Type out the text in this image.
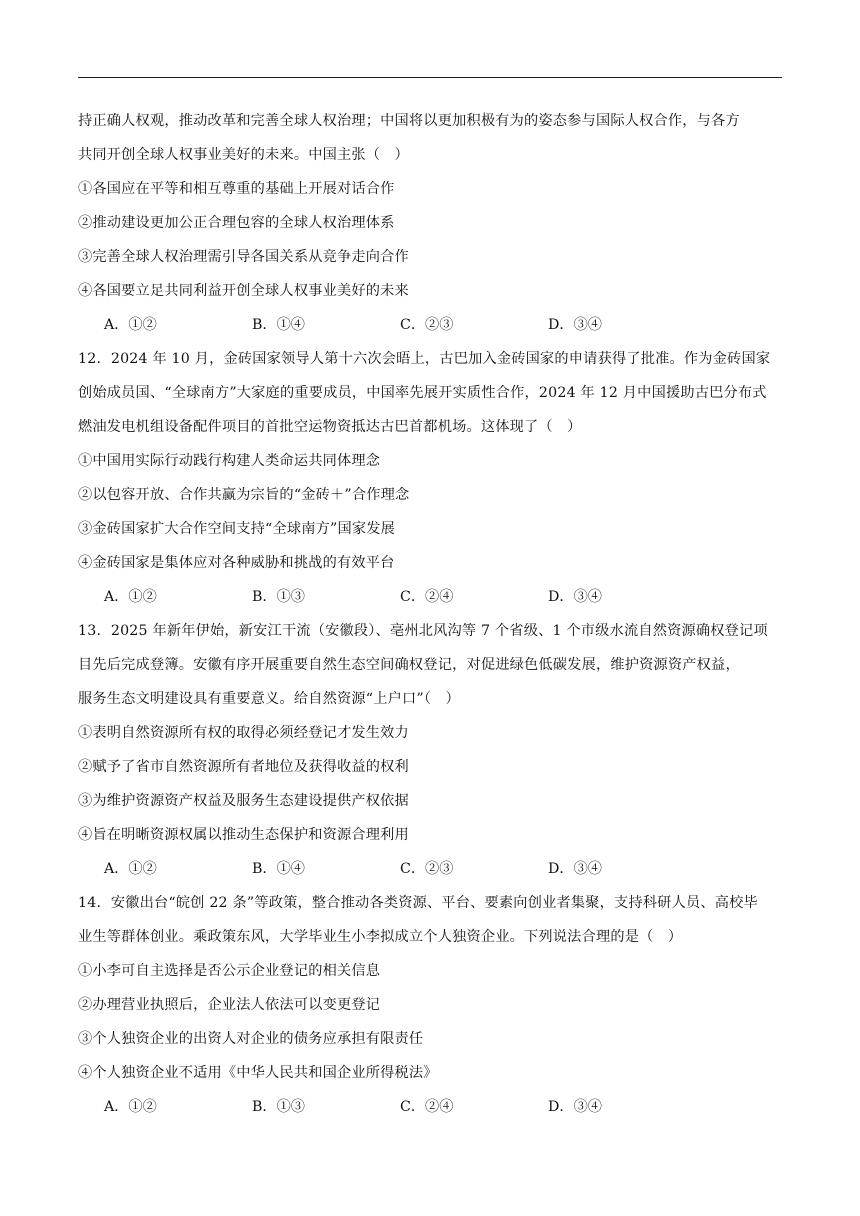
持正确人权观，推动改革和完善全球人权治理；中国将以更加积极有为的姿态参与国际人权合作，与各方
共同开创全球人权事业美好的未来。中国主张（　）
①各国应在平等和相互尊重的基础上开展对话合作
②推动建设更加公正合理包容的全球人权治理体系
③完善全球人权治理需引导各国关系从竞争走向合作
④各国要立足共同利益开创全球人权事业美好的未来
A．①②	B．①④	C．②③	D．③④
12．2024 年 10 月，金砖国家领导人第十六次会晤上，古巴加入金砖国家的申请获得了批准。作为金砖国家
创始成员国、“全球南方”大家庭的重要成员，中国率先展开实质性合作，2024 年 12 月中国援助古巴分布式
燃油发电机组设备配件项目的首批空运物资抵达古巴首都机场。这体现了（　）
①中国用实际行动践行构建人类命运共同体理念
②以包容开放、合作共赢为宗旨的“金砖＋”合作理念
③金砖国家扩大合作空间支持“全球南方”国家发展
④金砖国家是集体应对各种威胁和挑战的有效平台
A．①②	B．①③	C．②④	D．③④
13．2025 年新年伊始，新安江干流（安徽段）、亳州北风沟等 7 个省级、1 个市级水流自然资源确权登记项
目先后完成登簿。安徽有序开展重要自然生态空间确权登记，对促进绿色低碳发展，维护资源资产权益，
服务生态文明建设具有重要意义。给自然资源“上户口”（　）
①表明自然资源所有权的取得必须经登记才发生效力
②赋予了省市自然资源所有者地位及获得收益的权利
③为维护资源资产权益及服务生态建设提供产权依据
④旨在明晰资源权属以推动生态保护和资源合理利用
A．①②	B．①④	C．②③	D．③④
14．安徽出台“皖创 22 条”等政策，整合推动各类资源、平台、要素向创业者集聚，支持科研人员、高校毕
业生等群体创业。乘政策东风，大学毕业生小李拟成立个人独资企业。下列说法合理的是（　）
①小李可自主选择是否公示企业登记的相关信息
②办理营业执照后，企业法人依法可以变更登记
③个人独资企业的出资人对企业的债务应承担有限责任
④个人独资企业不适用《中华人民共和国企业所得税法》
A．①②	B．①③	C．②④	D．③④
